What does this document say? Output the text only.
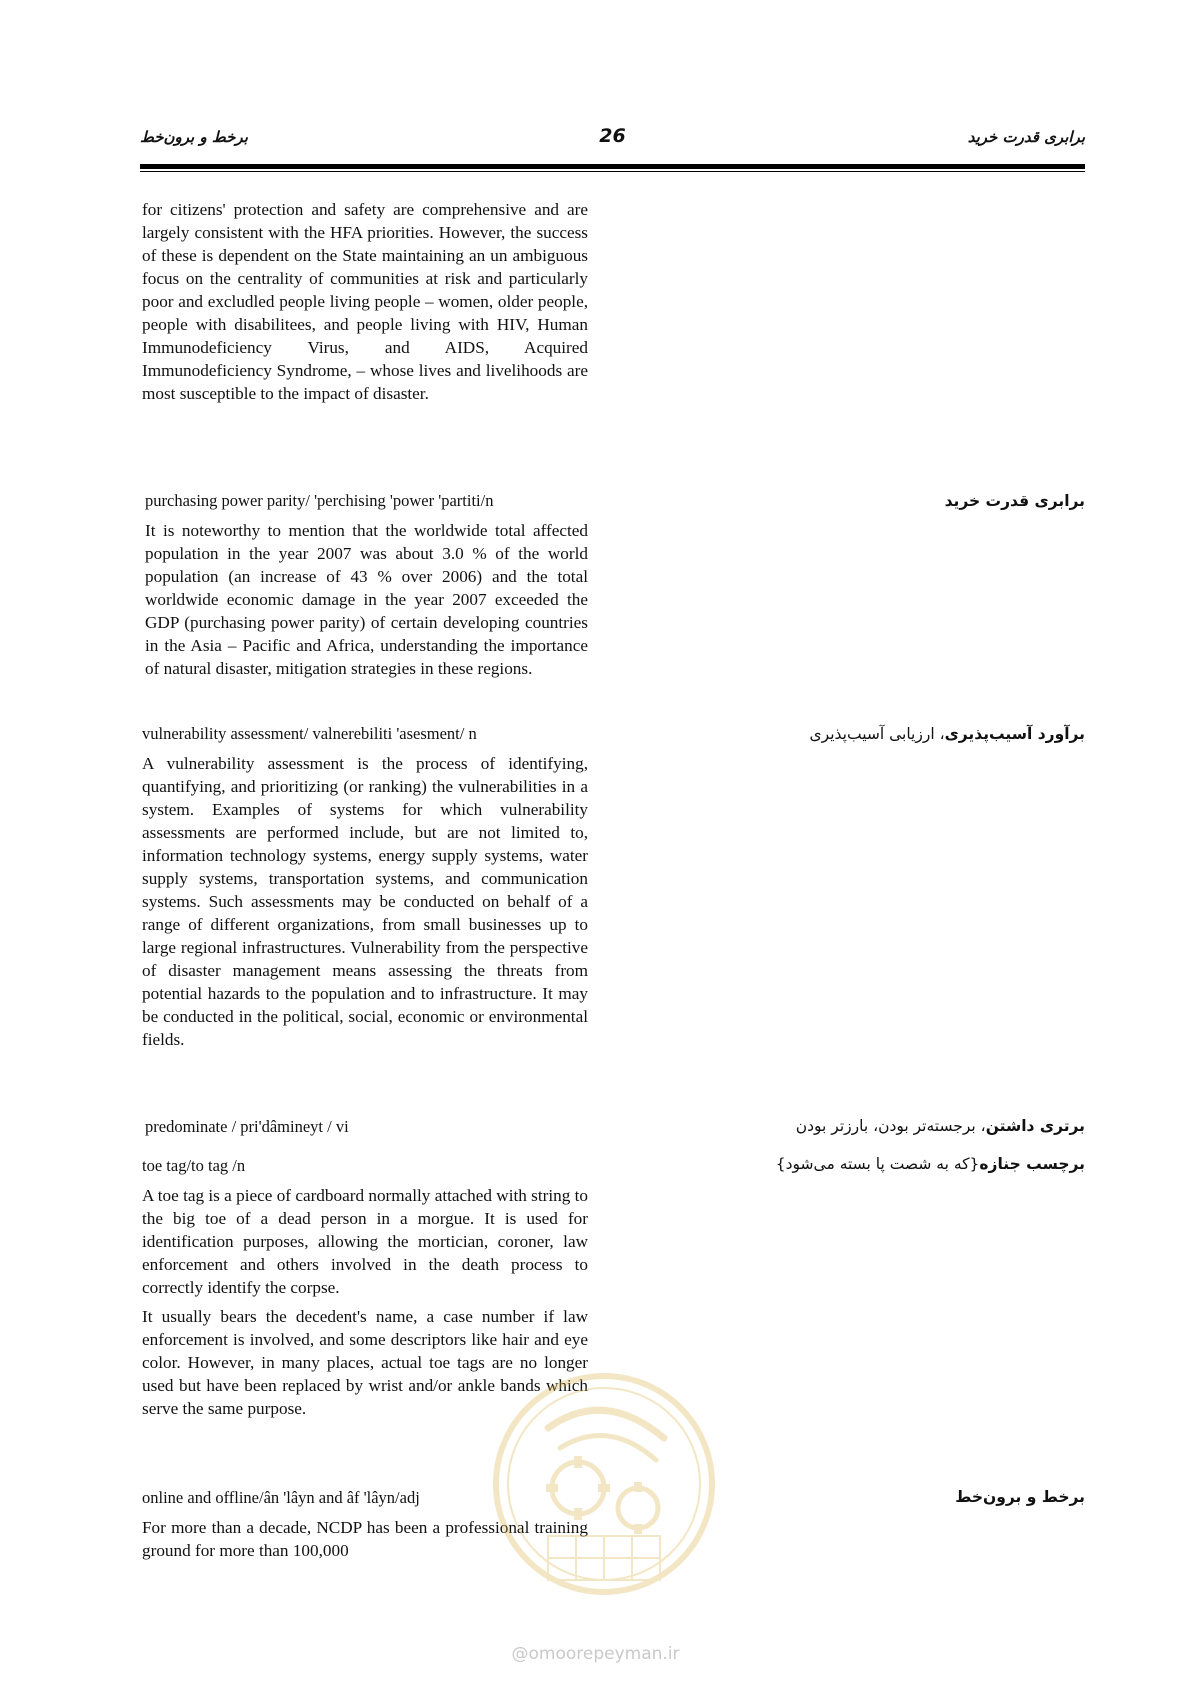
برخط و برون‌خط	26	برابری قدرت خرید

for citizens' protection and safety are comprehensive and are largely consistent with the HFA priorities. However, the success of these is dependent on the State maintaining an un ambiguous focus on the centrality of communities at risk and particularly poor and excludled people living people – women, older people, people with disabilitees, and people living with HIV, Human Immunodeficiency Virus, and AIDS, Acquired Immunodeficiency Syndrome, – whose lives and livelihoods are most susceptible to the impact of disaster.

برابری قدرت خرید

purchasing power parity/ 'perchising 'power 'partiti/n

It is noteworthy to mention that the worldwide total affected population in the year 2007 was about 3.0 % of the world population (an increase of 43 % over 2006) and the total worldwide economic damage in the year 2007 exceeded the GDP (purchasing power parity) of certain developing countries in the Asia – Pacific and Africa, understanding the importance of natural disaster, mitigation strategies in these regions.

برآورد آسیب‌پذیری، ارزیابی آسیب‌پذیری

vulnerability assessment/ valnerebiliti 'asesment/ n

A vulnerability assessment is the process of identifying, quantifying, and prioritizing (or ranking) the vulnerabilities in a system. Examples of systems for which vulnerability assessments are performed include, but are not limited to, information technology systems, energy supply systems, water supply systems, transportation systems, and communication systems. Such assessments may be conducted on behalf of a range of different organizations, from small businesses up to large regional infrastructures. Vulnerability from the perspective of disaster management means assessing the threats from potential hazards to the population and to infrastructure. It may be conducted in the political, social, economic or environmental fields.

برتری داشتن، برجسته‌تر بودن، بارزتر بودن

predominate / pri'dâmineyt / vi

برچسب جنازه{که به شصت پا بسته می‌شود}

toe tag/to tag /n

A toe tag is a piece of cardboard normally attached with string to the big toe of a dead person in a morgue. It is used for identification purposes, allowing the mortician, coroner, law enforcement and others involved in the death process to correctly identify the corpse.

It usually bears the decedent's name, a case number if law enforcement is involved, and some descriptors like hair and eye color. However, in many places, actual toe tags are no longer used but have been replaced by wrist and/or ankle bands which serve the same purpose.

برخط و برون‌خط

online and offline/ân 'lâyn and âf 'lâyn/adj

For more than a decade, NCDP has been a professional training ground for more than 100,000

@omoorepeyman.ir
